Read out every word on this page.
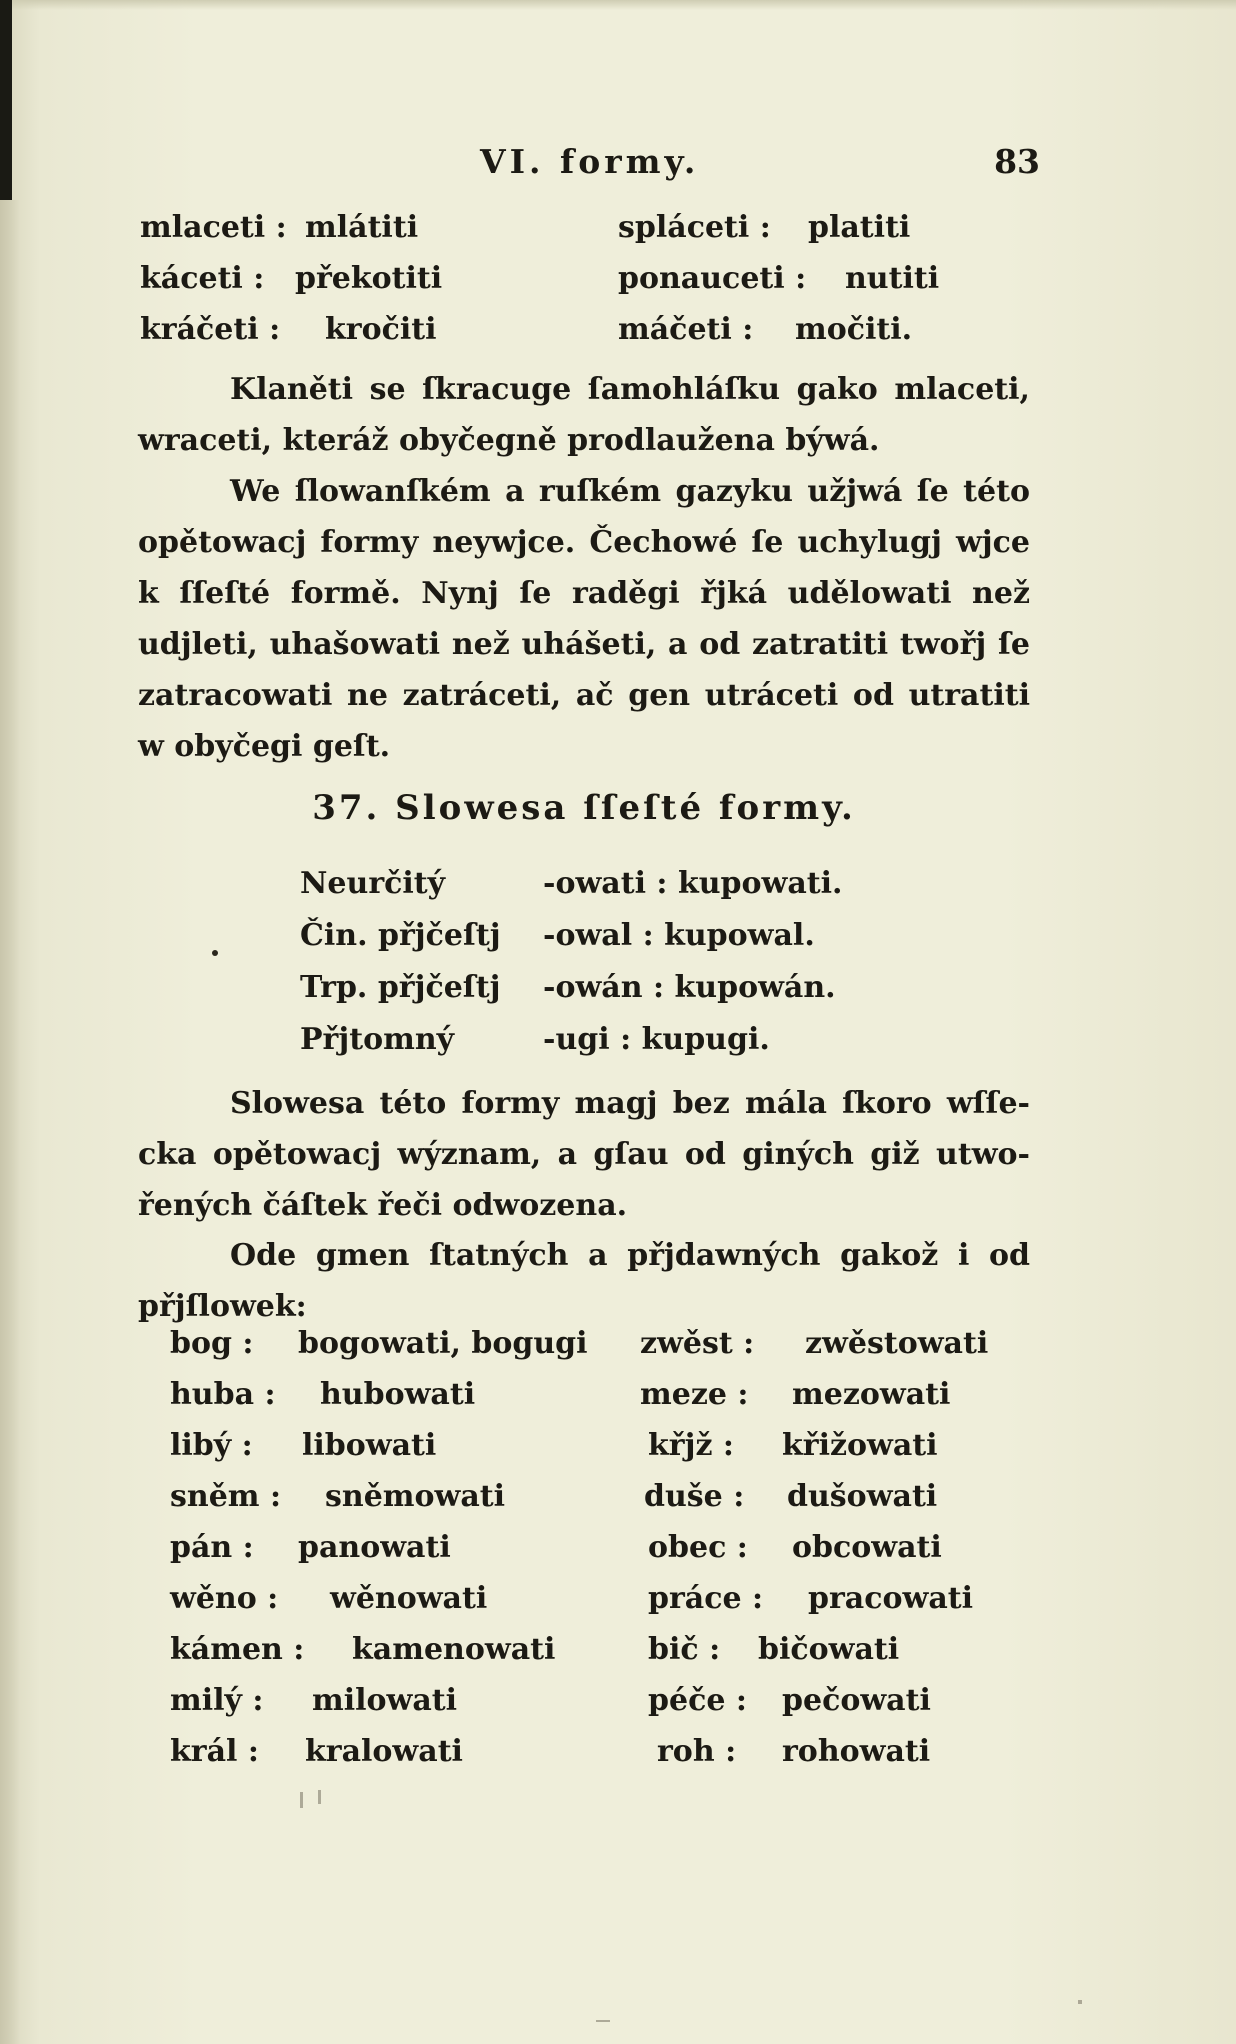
VI. formy.	83
mlaceti : mlátiti	spláceti : platiti
káceti : překotiti	ponauceti : nutiti
kráčeti : kročiti	máčeti : močiti.

Klaněti se ſkracuge ſamohláſku gako mlaceti, wraceti, kteráž obyčegně prodlaužena býwá.

We ſlowanſkém a ruſkém gazyku užjwá ſe této opětowacj formy neywjce. Čechowé ſe uchylugj wjce k ſſeſté formě. Nynj ſe raděgi řjká udělowati než udjleti, uhašowati než uhášeti, a od zatratiti twořj ſe zatracowati ne zatráceti, ač gen utráceti od utratiti w obyčegi geſt.

37. Slowesa ſſeſté formy.
Neurčitý	-owati : kupowati.
Čin. přjčeſtj -owal : kupowal.
Trp. přjčeſtj -owán : kupowán.
Přjtomný	-ugi : kupugi.

Slowesa této formy magj bez mála ſkoro wſſe-cka opětowacj wýznam, a gſau od giných giž utwo-řených čáſtek řeči odwozena.

Ode gmen ſtatných a přjdawných gakož i od přjſlowek:

bog : bogowati, bogugi zwěst : zwěstowati
huba : hubowati	meze : mezowati
libý : libowati	křjž : křižowati
sněm : sněmowati	duše : dušowati
pán : panowati	obec : obcowati
wěno : wěnowati	práce : pracowati
kámen : kamenowati	bič : bičowati
milý : milowati	péče : pečowati
král : kralowati	roh : rohowati
